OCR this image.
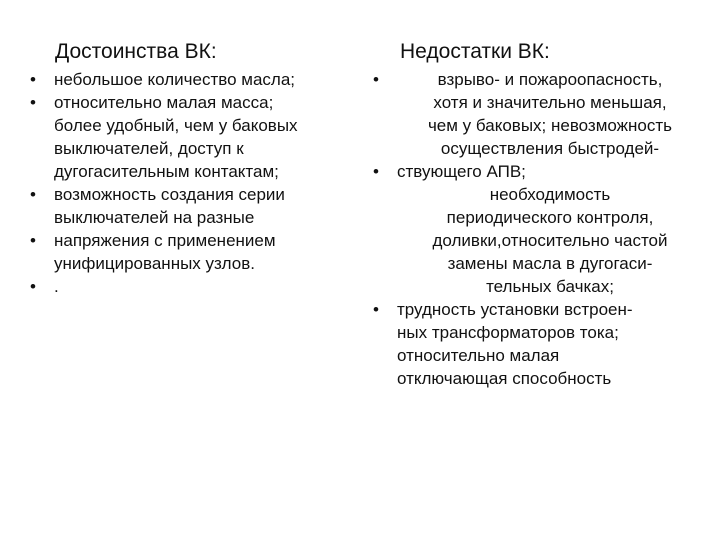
Достоинства ВК:	Недостатки ВК:
•	небольшое количество масла;
•	относительно малая масса;
более удобный, чем у баковых
выключателей, доступ к
дугогасительным контактам;
•	возможность создания серии
выключателей на разные
•	напряжения с применением
унифицированных узлов.
•	.
•	взрыво- и пожароопасность,
хотя и значительно меньшая,
чем у баковых; невозможность
осуществления быстродей-
•	ствующего АПВ;
необходимость
периодического контроля,
доливки,относительно частой
замены масла в дугогаси-
тельных бачках;
•	трудность установки встроен-
ных трансформаторов тока;
относительно малая
отключающая способность
